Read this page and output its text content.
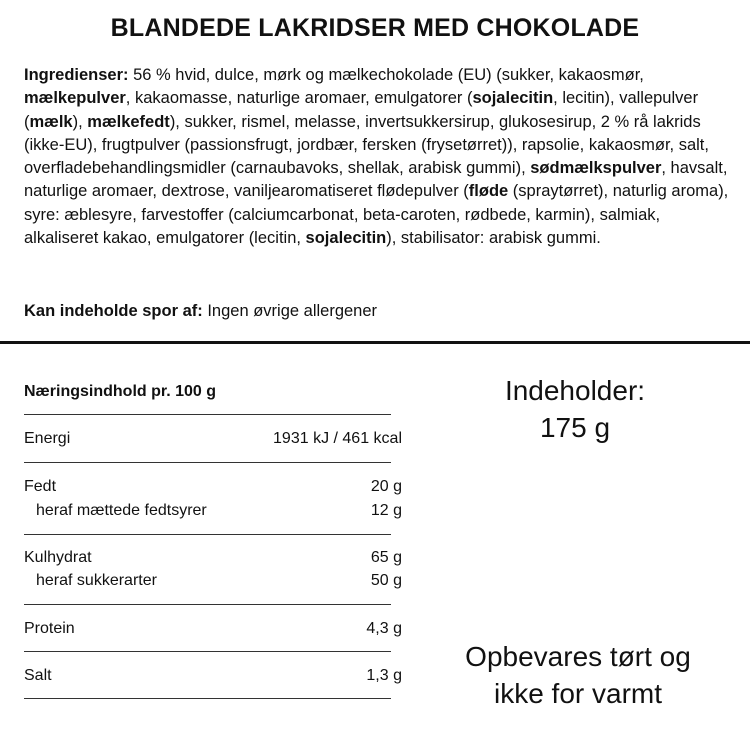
BLANDEDE LAKRIDSER MED CHOKOLADE
Ingredienser: 56 % hvid, dulce, mørk og mælkechokolade (EU) (sukker, kakaosmør, mælkepulver, kakaomasse, naturlige aromaer, emulgatorer (sojalecitin, lecitin), vallepulver (mælk), mælkefedt), sukker, rismel, melasse, invertsukkersirup, glukosesirup, 2 % rå lakrids (ikke-EU), frugtpulver (passionsfrugt, jordbær, fersken (frysetørret)), rapsolie, kakaosmør, salt, overfladebehandlingsmidler (carnaubavoks, shellak, arabisk gummi), sødmælkspulver, havsalt, naturlige aromaer, dextrose, vaniljearomatiseret flødepulver (fløde (spraytørret), naturlig aroma), syre: æblesyre, farvestoffer (calciumcarbonat, beta-caroten, rødbede, karmin), salmiak, alkaliseret kakao, emulgatorer (lecitin, sojalecitin), stabilisator: arabisk gummi.
Kan indeholde spor af: Ingen øvrige allergener
Næringsindhold pr. 100 g
Energi	1931 kJ / 461 kcal
Fedt	20 g
heraf mættede fedtsyrer	12 g
Kulhydrat	65 g
heraf sukkerarter	50 g
Protein	4,3 g
Salt	1,3 g
Indeholder:
175 g
Opbevares tørt og
ikke for varmt
